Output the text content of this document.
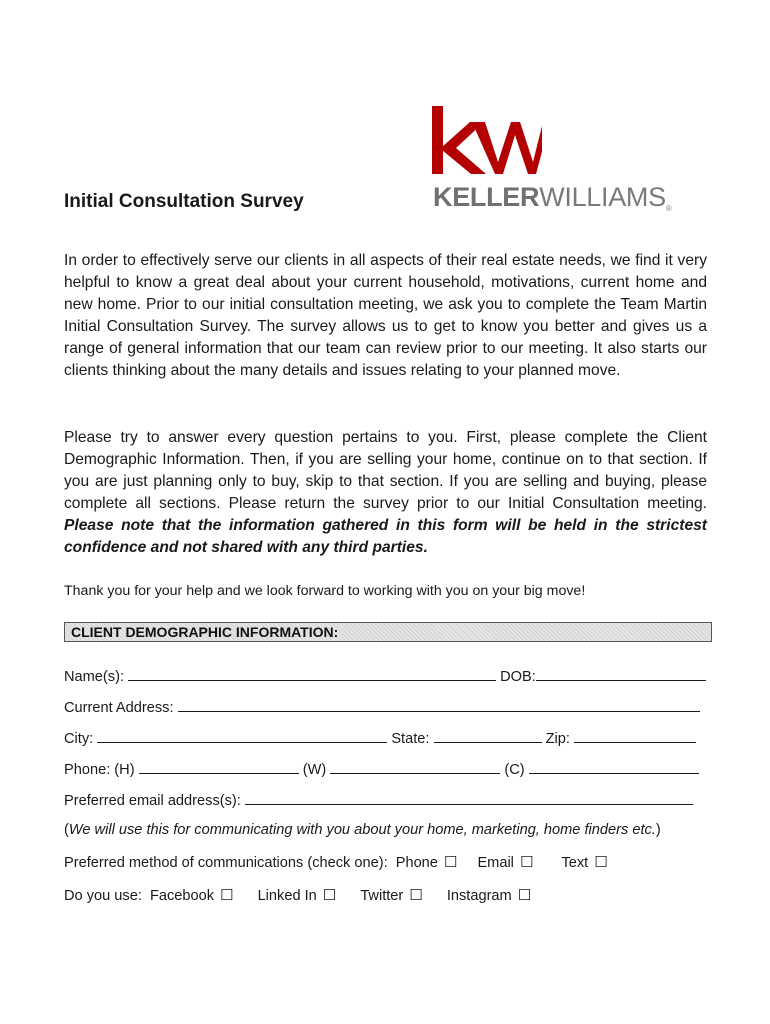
KELLERWILLIAMS®
Initial Consultation Survey
In order to effectively serve our clients in all aspects of their real estate needs, we find it very helpful to know a great deal about your current household, motivations, current home and new home. Prior to our initial consultation meeting, we ask you to complete the Team Martin Initial Consultation Survey. The survey allows us to get to know you better and gives us a range of general information that our team can review prior to our meeting. It also starts our clients thinking about the many details and issues relating to your planned move.
Please try to answer every question pertains to you. First, please complete the Client Demographic Information. Then, if you are selling your home, continue on to that section. If you are just planning only to buy, skip to that section. If you are selling and buying, please complete all sections. Please return the survey prior to our Initial Consultation meeting. Please note that the information gathered in this form will be held in the strictest confidence and not shared with any third parties.
Thank you for your help and we look forward to working with you on your big move!
CLIENT DEMOGRAPHIC INFORMATION:
Name(s):	DOB:
Current Address:
City:	State:	Zip:
Phone: (H)	(W)	(C)
Preferred email address(s):
(We will use this for communicating with you about your home, marketing, home finders etc.)
Preferred method of communications (check one): Phone ☐ Email ☐ Text ☐
Do you use: Facebook ☐ Linked In ☐ Twitter ☐ Instagram ☐
